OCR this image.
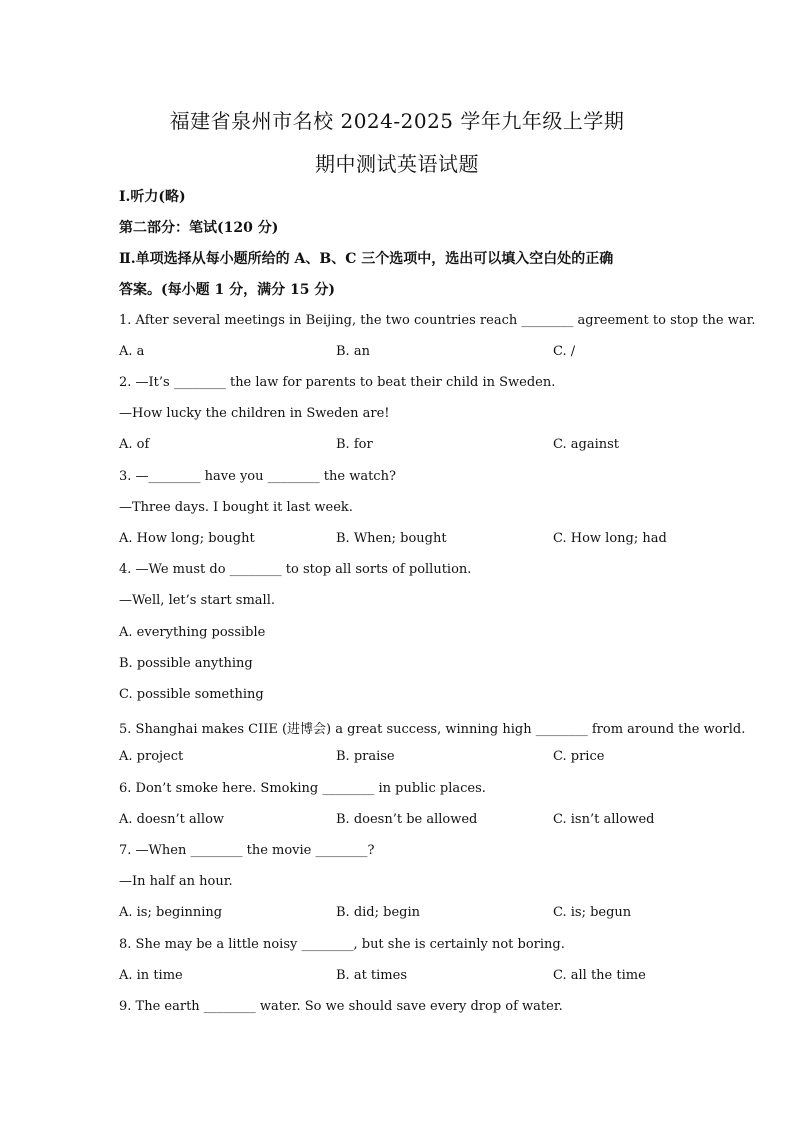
福建省泉州市名校 2024-2025 学年九年级上学期
期中测试英语试题
Ⅰ.听力(略)
第二部分：笔试(120 分)
Ⅱ.单项选择从每小题所给的 A、B、C 三个选项中，选出可以填入空白处的正确
答案。(每小题 1 分，满分 15 分)
1. After several meetings in Beijing, the two countries reach ________ agreement to stop the war.
A. a	B. an	C. /
2. —It’s ________ the law for parents to beat their child in Sweden.
—How lucky the children in Sweden are!
A. of	B. for	C. against
3. —________ have you ________ the watch?
—Three days. I bought it last week.
A. How long; bought	B. When; bought	C. How long; had
4. —We must do ________ to stop all sorts of pollution.
—Well, let’s start small.
A. everything possible
B. possible anything
C. possible something
5. Shanghai makes CIIE (进博会) a great success, winning high ________ from around the world.
A. project	B. praise	C. price
6. Don’t smoke here. Smoking ________ in public places.
A. doesn’t allow	B. doesn’t be allowed	C. isn’t allowed
7. —When ________ the movie ________?
—In half an hour.
A. is; beginning	B. did; begin	C. is; begun
8. She may be a little noisy ________, but she is certainly not boring.
A. in time	B. at times	C. all the time
9. The earth ________ water. So we should save every drop of water.
